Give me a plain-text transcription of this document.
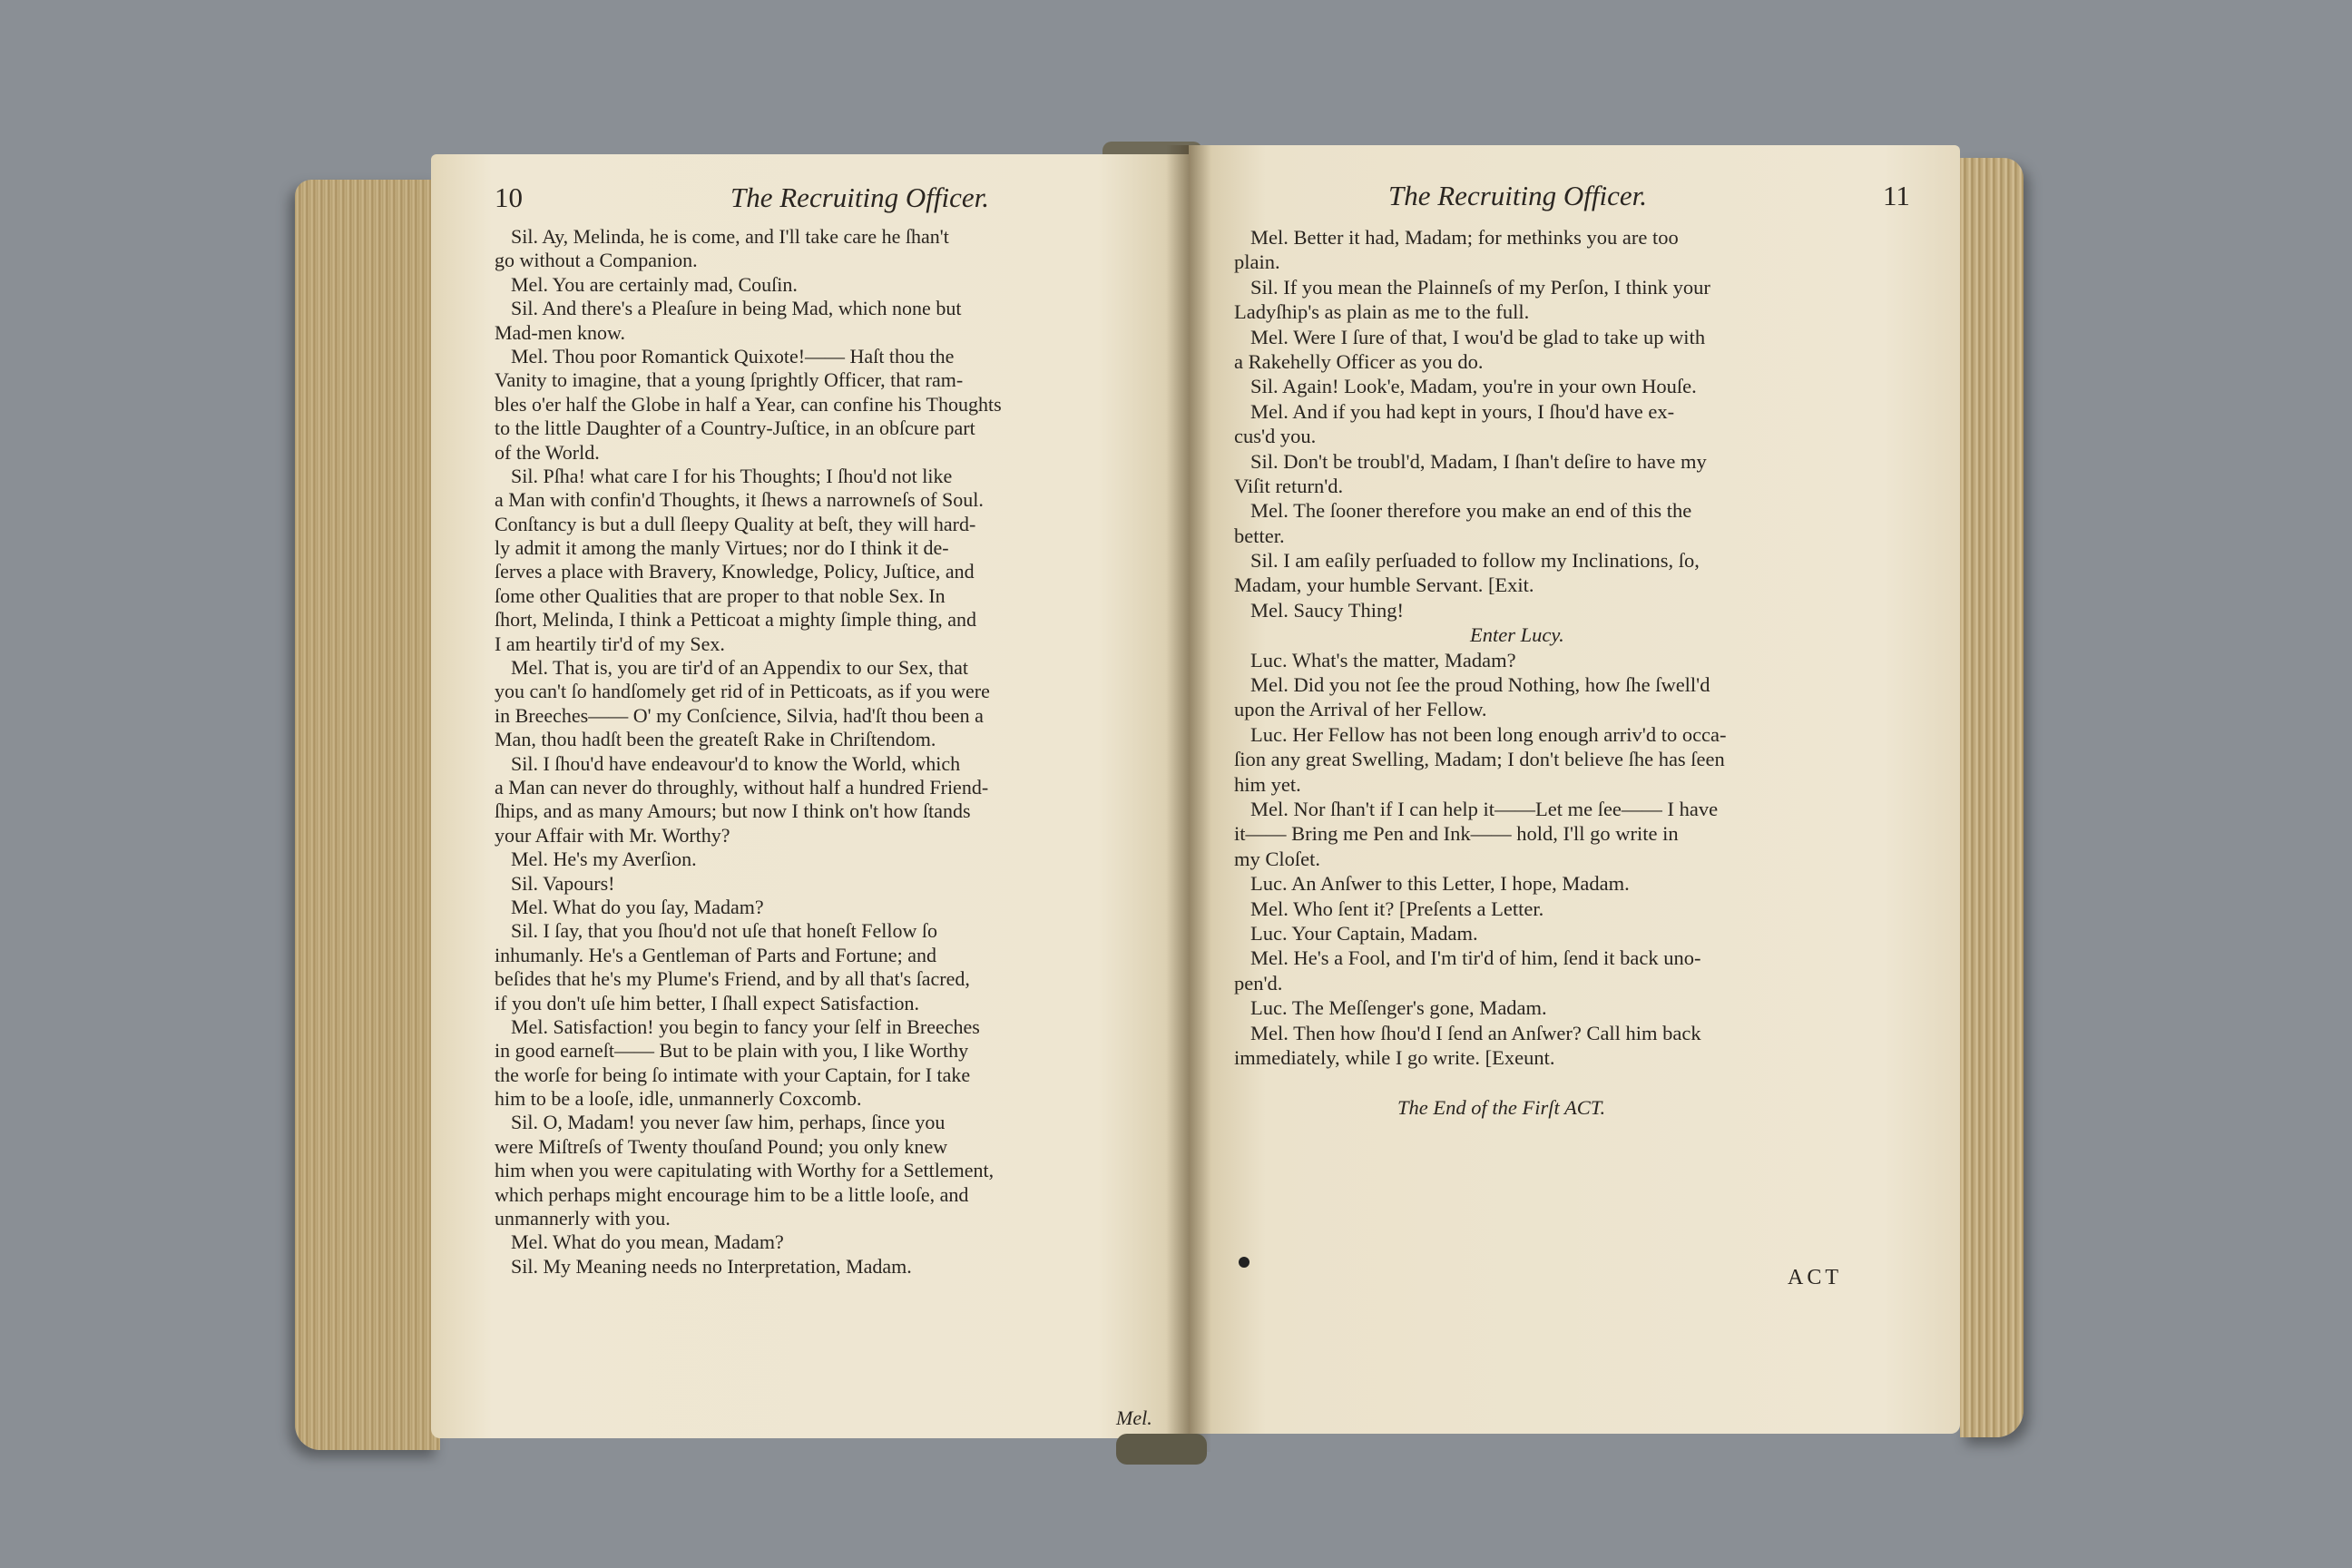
10	The Recruiting Officer.
Sil. Ay, Melinda, he is come, and I'll take care he ſhan't
go without a Companion.
Mel. You are certainly mad, Couſin.
Sil. And there's a Pleaſure in being Mad, which none but
Mad-men know.
Mel. Thou poor Romantick Quixote!—— Haſt thou the
Vanity to imagine, that a young ſprightly Officer, that ram-
bles o'er half the Globe in half a Year, can confine his Thoughts
to the little Daughter of a Country-Juſtice, in an obſcure part
of the World.
Sil. Pſha! what care I for his Thoughts; I ſhou'd not like
a Man with confin'd Thoughts, it ſhews a narrowneſs of Soul.
Conſtancy is but a dull ſleepy Quality at beſt, they will hard-
ly admit it among the manly Virtues; nor do I think it de-
ſerves a place with Bravery, Knowledge, Policy, Juſtice, and
ſome other Qualities that are proper to that noble Sex. In
ſhort, Melinda, I think a Petticoat a mighty ſimple thing, and
I am heartily tir'd of my Sex.
Mel. That is, you are tir'd of an Appendix to our Sex, that
you can't ſo handſomely get rid of in Petticoats, as if you were
in Breeches—— O' my Conſcience, Silvia, had'ſt thou been a
Man, thou hadſt been the greateſt Rake in Chriſtendom.
Sil. I ſhou'd have endeavour'd to know the World, which
a Man can never do throughly, without half a hundred Friend-
ſhips, and as many Amours; but now I think on't how ſtands
your Affair with Mr. Worthy?
Mel. He's my Averſion.
Sil. Vapours!
Mel. What do you ſay, Madam?
Sil. I ſay, that you ſhou'd not uſe that honeſt Fellow ſo
inhumanly. He's a Gentleman of Parts and Fortune; and
beſides that he's my Plume's Friend, and by all that's ſacred,
if you don't uſe him better, I ſhall expect Satisfaction.
Mel. Satisfaction! you begin to fancy your ſelf in Breeches
in good earneſt—— But to be plain with you, I like Worthy
the worſe for being ſo intimate with your Captain, for I take
him to be a looſe, idle, unmannerly Coxcomb.
Sil. O, Madam! you never ſaw him, perhaps, ſince you
were Miſtreſs of Twenty thouſand Pound; you only knew
him when you were capitulating with Worthy for a Settlement,
which perhaps might encourage him to be a little looſe, and
unmannerly with you.
Mel. What do you mean, Madam?
Sil. My Meaning needs no Interpretation, Madam.
Mel.
The Recruiting Officer.	11
Mel. Better it had, Madam; for methinks you are too
plain.
Sil. If you mean the Plainneſs of my Perſon, I think your
Ladyſhip's as plain as me to the full.
Mel. Were I ſure of that, I wou'd be glad to take up with
a Rakehelly Officer as you do.
Sil. Again! Look'e, Madam, you're in your own Houſe.
Mel. And if you had kept in yours, I ſhou'd have ex-
cus'd you.
Sil. Don't be troubl'd, Madam, I ſhan't deſire to have my
Viſit return'd.
Mel. The ſooner therefore you make an end of this the
better.
Sil. I am eaſily perſuaded to follow my Inclinations, ſo,
Madam, your humble Servant. [Exit.
Mel. Saucy Thing!
Enter Lucy.
Luc. What's the matter, Madam?
Mel. Did you not ſee the proud Nothing, how ſhe ſwell'd
upon the Arrival of her Fellow.
Luc. Her Fellow has not been long enough arriv'd to occa-
ſion any great Swelling, Madam; I don't believe ſhe has ſeen
him yet.
Mel. Nor ſhan't if I can help it——Let me ſee—— I have
it—— Bring me Pen and Ink—— hold, I'll go write in
my Cloſet.
Luc. An Anſwer to this Letter, I hope, Madam.
Mel. Who ſent it? [Preſents a Letter.
Luc. Your Captain, Madam.
Mel. He's a Fool, and I'm tir'd of him, ſend it back uno-
pen'd.
Luc. The Meſſenger's gone, Madam.
Mel. Then how ſhou'd I ſend an Anſwer? Call him back
immediately, while I go write. [Exeunt.
The End of the Firſt ACT.
ACT
